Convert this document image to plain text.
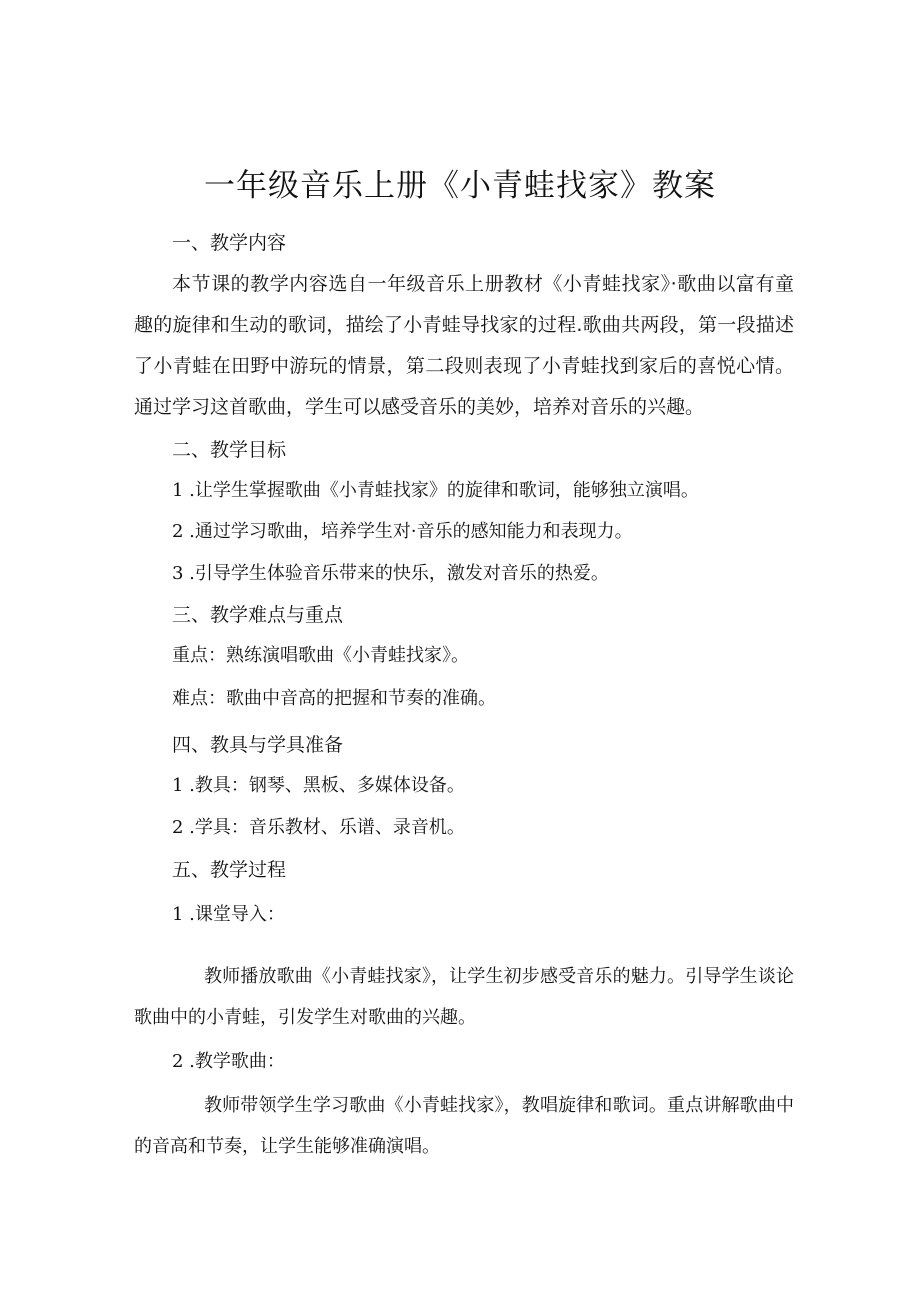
一年级音乐上册《小青蛙找家》教案
一、教学内容

本节课的教学内容选自一年级音乐上册教材《小青蛙找家》·歌曲以富有童趣的旋律和生动的歌词，描绘了小青蛙导找家的过程.歌曲共两段，第一段描述了小青蛙在田野中游玩的情景，第二段则表现了小青蛙找到家后的喜悦心情。通过学习这首歌曲，学生可以感受音乐的美妙，培养对音乐的兴趣。

二、教学目标

1 .让学生掌握歌曲《小青蛙找家》的旋律和歌词，能够独立演唱。

2 .通过学习歌曲，培养学生对·音乐的感知能力和表现力。

3 .引导学生体验音乐带来的快乐，激发对音乐的热爱。

三、教学难点与重点

重点：熟练演唱歌曲《小青蛙找家》。

难点：歌曲中音高的把握和节奏的准确。

四、教具与学具准备

1 .教具：钢琴、黑板、多媒体设备。

2 .学具：音乐教材、乐谱、录音机。

五、教学过程

1 .课堂导入：

教师播放歌曲《小青蛙找家》，让学生初步感受音乐的魅力。引导学生谈论歌曲中的小青蛙，引发学生对歌曲的兴趣。

2 .教学歌曲：

教师带领学生学习歌曲《小青蛙找家》，教唱旋律和歌词。重点讲解歌曲中的音高和节奏，让学生能够准确演唱。
